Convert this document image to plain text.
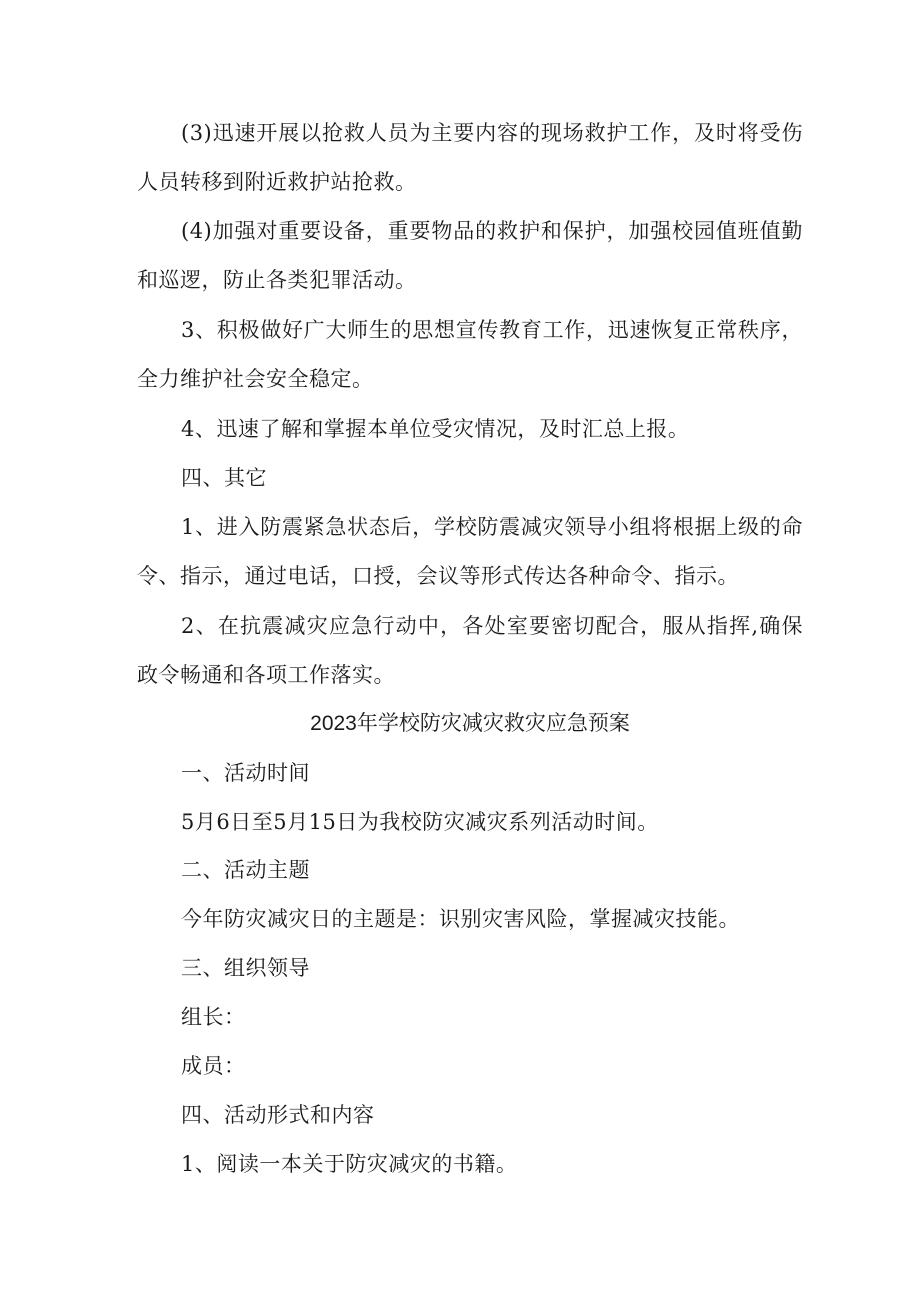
(3)迅速开展以抢救人员为主要内容的现场救护工作，及时将受伤
人员转移到附近救护站抢救。
(4)加强对重要设备，重要物品的救护和保护，加强校园值班值勤
和巡逻，防止各类犯罪活动。
3、积极做好广大师生的思想宣传教育工作，迅速恢复正常秩序，
全力维护社会安全稳定。
4、迅速了解和掌握本单位受灾情况，及时汇总上报。
四、其它
1、进入防震紧急状态后，学校防震减灾领导小组将根据上级的命
令、指示，通过电话，口授，会议等形式传达各种命令、指示。
2、在抗震减灾应急行动中，各处室要密切配合，服从指挥,确保
政令畅通和各项工作落实。
2023年学校防灾减灾救灾应急预案
一、活动时间
5月6日至5月15日为我校防灾减灾系列活动时间。
二、活动主题
今年防灾减灾日的主题是：识别灾害风险，掌握减灾技能。
三、组织领导
组长：
成员：
四、活动形式和内容
1、阅读一本关于防灾减灾的书籍。
